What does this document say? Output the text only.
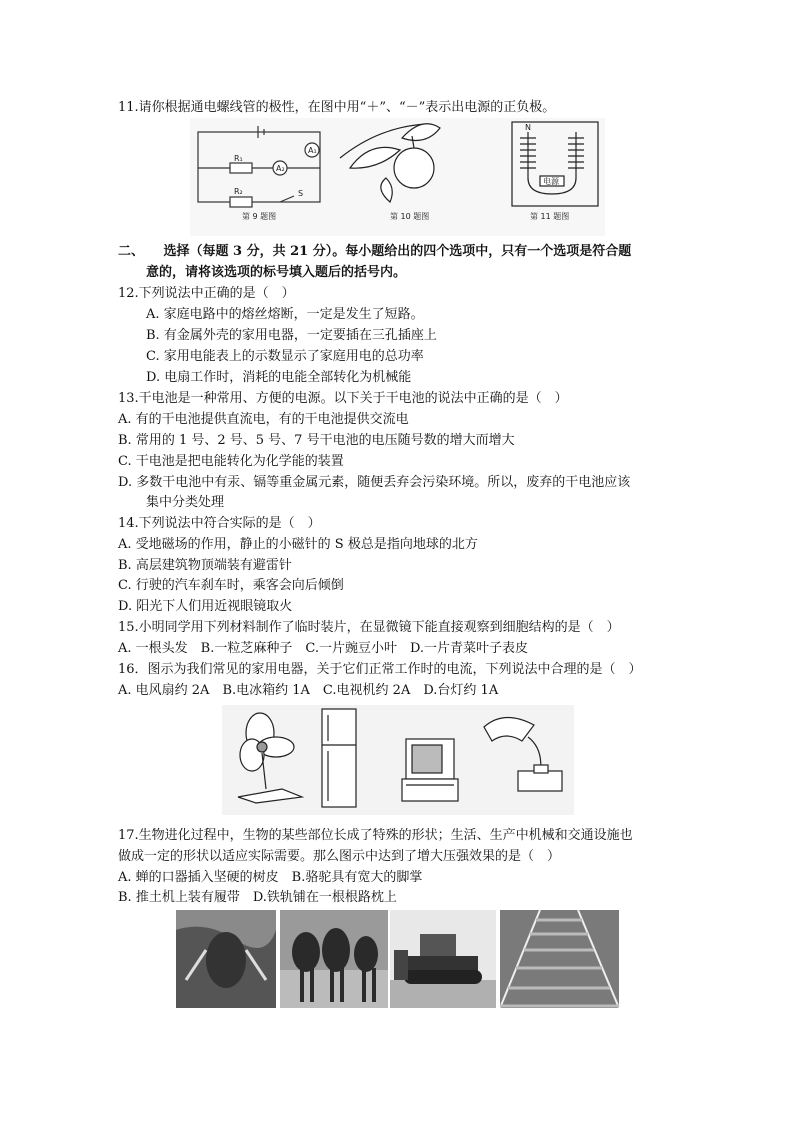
11.请你根据通电螺线管的极性，在图中用“＋”、“－”表示出电源的正负极。
R₁
R₂
A₂
A₁
S
第 9 题图	第 10 题图
电源
N
第 11 题图
二、　　选择（每题 3 分，共 21 分）。每小题给出的四个选项中，只有一个选项是符合题
意的，请将该选项的标号填入题后的括号内。
12.下列说法中正确的是（　）
A. 家庭电路中的熔丝熔断，一定是发生了短路。
B. 有金属外壳的家用电器，一定要插在三孔插座上
C. 家用电能表上的示数显示了家庭用电的总功率
D. 电扇工作时，消耗的电能全部转化为机械能
13.干电池是一种常用、方便的电源。以下关于干电池的说法中正确的是（　）
A. 有的干电池提供直流电，有的干电池提供交流电
B. 常用的 1 号、2 号、5 号、7 号干电池的电压随号数的增大而增大
C. 干电池是把电能转化为化学能的装置
D. 多数干电池中有汞、镉等重金属元素，随便丢弃会污染环境。所以，废弃的干电池应该
集中分类处理
14.下列说法中符合实际的是（　）
A. 受地磁场的作用，静止的小磁针的 S 极总是指向地球的北方
B. 高层建筑物顶端装有避雷针
C. 行驶的汽车刹车时，乘客会向后倾倒
D. 阳光下人们用近视眼镜取火
15.小明同学用下列材料制作了临时装片，在显微镜下能直接观察到细胞结构的是（　）
A. 一根头发　B.一粒芝麻种子　C.一片豌豆小叶　D.一片青菜叶子表皮
16．图示为我们常见的家用电器，关于它们正常工作时的电流，下列说法中合理的是（　）
A. 电风扇约 2A　B.电冰箱约 1A　C.电视机约 2A　D.台灯约 1A
17.生物进化过程中，生物的某些部位长成了特殊的形状；生活、生产中机械和交通设施也
做成一定的形状以适应实际需要。那么图示中达到了增大压强效果的是（　）
A. 蝉的口器插入坚硬的树皮　B.骆驼具有宽大的脚掌
B. 推土机上装有履带　D.铁轨铺在一根根路枕上
